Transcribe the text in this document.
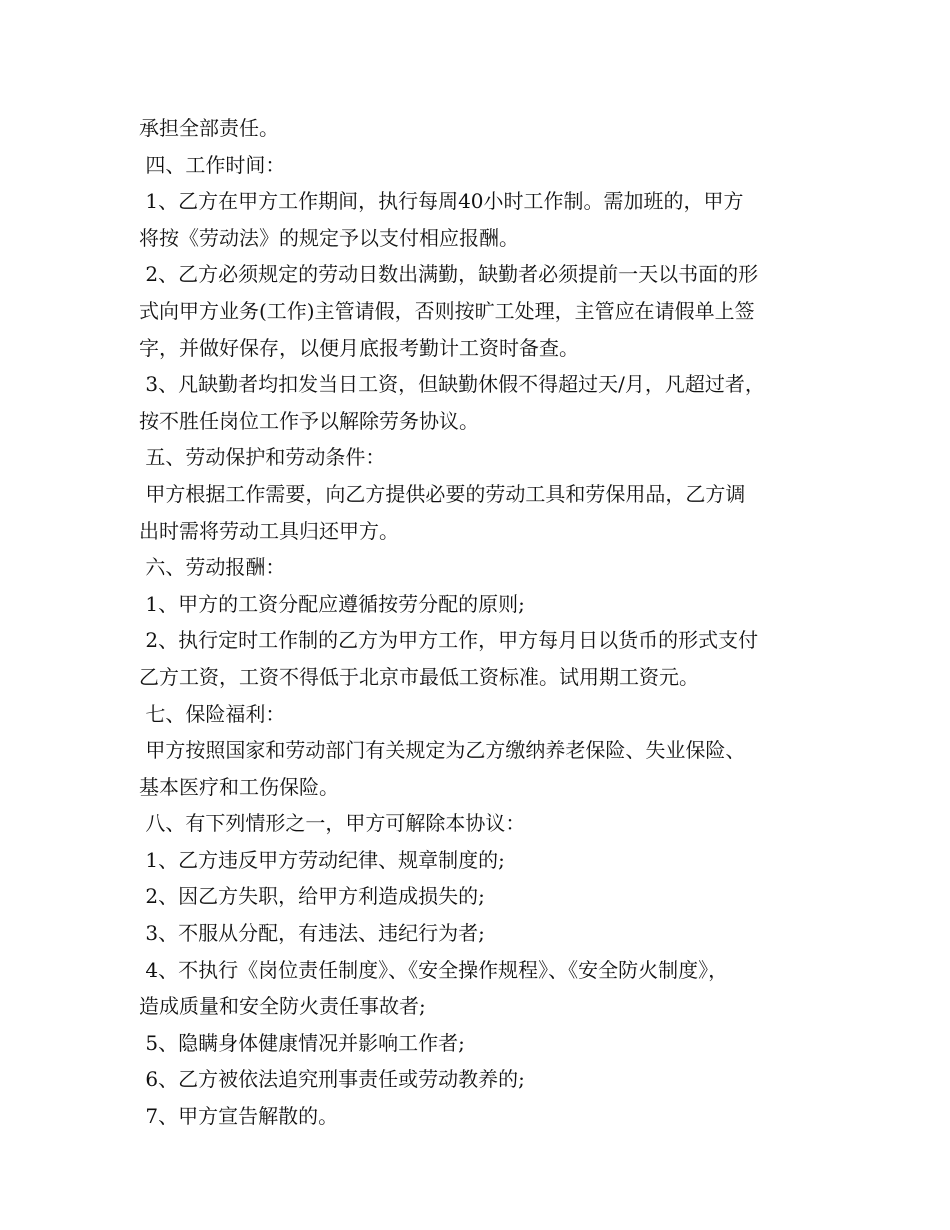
承担全部责任。
四、工作时间：
1、乙方在甲方工作期间，执行每周40小时工作制。需加班的，甲方
将按《劳动法》的规定予以支付相应报酬。
2、乙方必须规定的劳动日数出满勤，缺勤者必须提前一天以书面的形
式向甲方业务(工作)主管请假，否则按旷工处理，主管应在请假单上签
字，并做好保存，以便月底报考勤计工资时备查。
3、凡缺勤者均扣发当日工资，但缺勤休假不得超过天/月，凡超过者，
按不胜任岗位工作予以解除劳务协议。
五、劳动保护和劳动条件：
甲方根据工作需要，向乙方提供必要的劳动工具和劳保用品，乙方调
出时需将劳动工具归还甲方。
六、劳动报酬：
1、甲方的工资分配应遵循按劳分配的原则;
2、执行定时工作制的乙方为甲方工作，甲方每月日以货币的形式支付
乙方工资，工资不得低于北京市最低工资标准。试用期工资元。
七、保险福利：
甲方按照国家和劳动部门有关规定为乙方缴纳养老保险、失业保险、
基本医疗和工伤保险。
八、有下列情形之一，甲方可解除本协议：
1、乙方违反甲方劳动纪律、规章制度的;
2、因乙方失职，给甲方利造成损失的;
3、不服从分配，有违法、违纪行为者;
4、不执行《岗位责任制度》、《安全操作规程》、《安全防火制度》，
造成质量和安全防火责任事故者;
5、隐瞒身体健康情况并影响工作者;
6、乙方被依法追究刑事责任或劳动教养的;
7、甲方宣告解散的。
